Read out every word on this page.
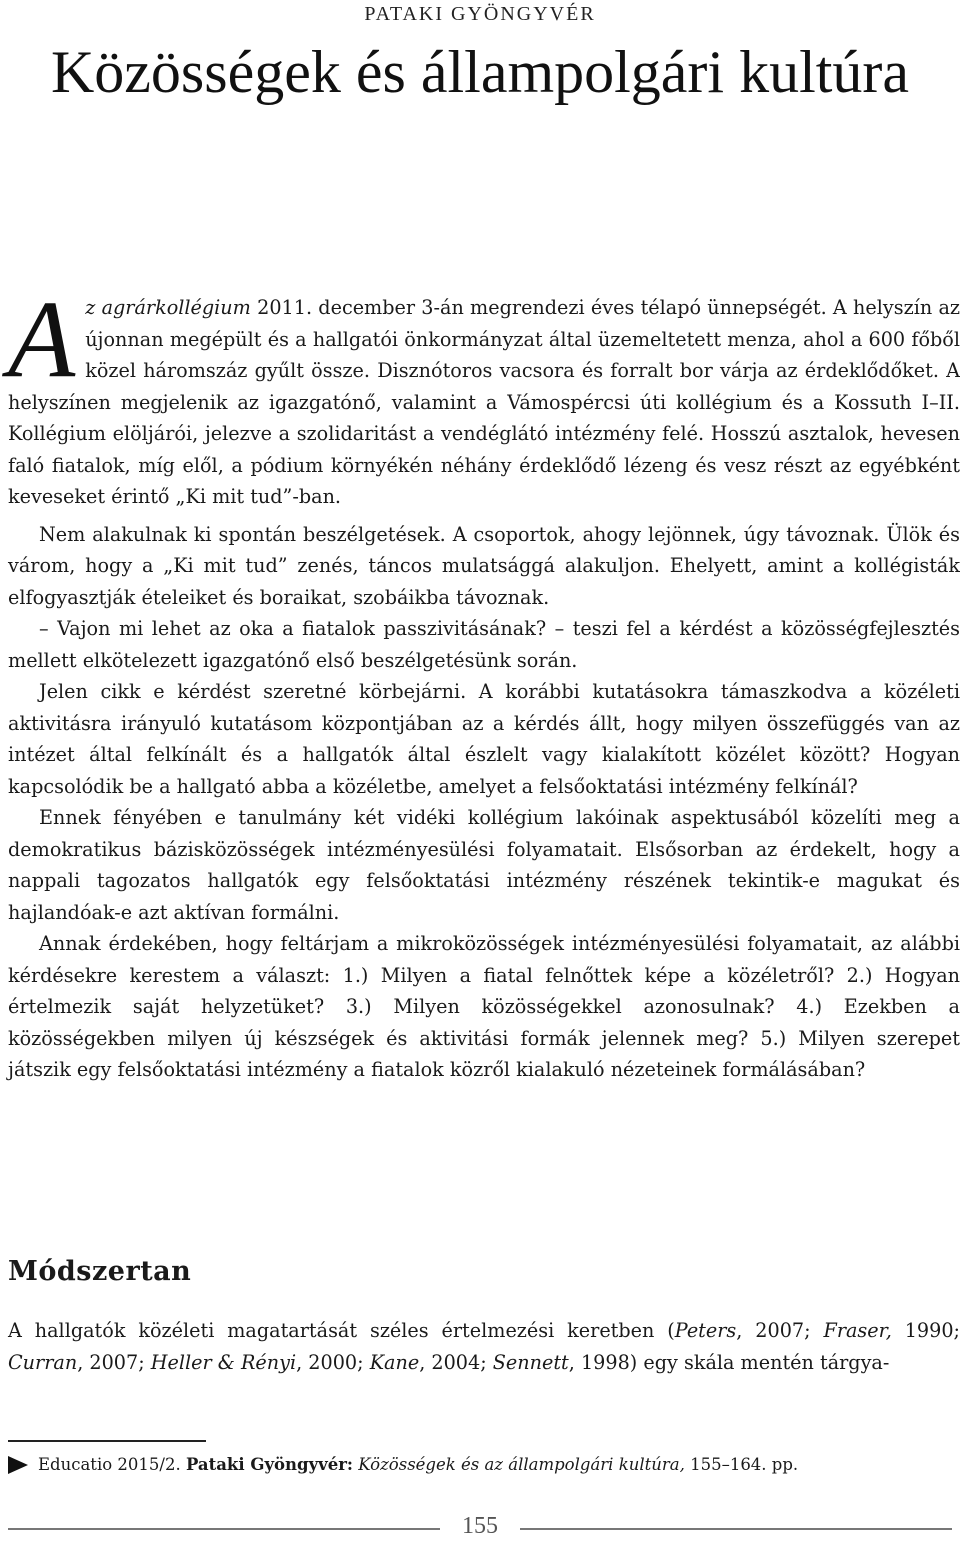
PATAKI GYÖNGYVÉR
Közösségek és állampolgári kultúra

Az agrárkollégium 2011. december 3-án megrendezi éves télapó ünnepségét. A helyszín az újonnan megépült és a hallgatói önkormányzat által üzemeltetett menza, ahol a 600 főből közel háromszáz gyűlt össze. Disznótoros vacsora és forralt bor várja az érdeklődőket. A helyszínen megjelenik az igazgatónő, valamint a Vámospércsi úti kollégium és a Kossuth I–II. Kollégium elöljárói, jelezve a szolidaritást a vendéglátó intézmény felé. Hosszú asztalok, hevesen faló fiatalok, míg elől, a pódium környékén néhány érdeklődő lézeng és vesz részt az egyébként keveseket érintő „Ki mit tud”-ban.

Nem alakulnak ki spontán beszélgetések. A csoportok, ahogy lejönnek, úgy távoznak. Ülök és várom, hogy a „Ki mit tud” zenés, táncos mulatsággá alakuljon. Ehelyett, amint a kollégisták elfogyasztják ételeiket és boraikat, szobáikba távoznak.

– Vajon mi lehet az oka a fiatalok passzivitásának? – teszi fel a kérdést a közösségfejlesztés mellett elkötelezett igazgatónő első beszélgetésünk során.

Jelen cikk e kérdést szeretné körbejárni. A korábbi kutatásokra támaszkodva a közéleti aktivitásra irányuló kutatásom központjában az a kérdés állt, hogy milyen összefüggés van az intézet által felkínált és a hallgatók által észlelt vagy kialakított közélet között? Hogyan kapcsolódik be a hallgató abba a közéletbe, amelyet a felsőoktatási intézmény felkínál?

Ennek fényében e tanulmány két vidéki kollégium lakóinak aspektusából közelíti meg a demokratikus bázisközösségek intézményesülési folyamatait. Elsősorban az érdekelt, hogy a nappali tagozatos hallgatók egy felsőoktatási intézmény részének tekintik-e magukat és hajlandóak-e azt aktívan formálni.

Annak érdekében, hogy feltárjam a mikroközösségek intézményesülési folyamatait, az alábbi kérdésekre kerestem a választ: 1.) Milyen a fiatal felnőttek képe a közéletről? 2.) Hogyan értelmezik saját helyzetüket? 3.) Milyen közösségekkel azonosulnak? 4.) Ezekben a közösségekben milyen új készségek és aktivitási formák jelennek meg? 5.) Milyen szerepet játszik egy felsőoktatási intézmény a fiatalok közről kialakuló nézeteinek formálásában?

Módszertan

A hallgatók közéleti magatartását széles értelmezési keretben (Peters, 2007; Fraser, 1990; Curran, 2007; Heller & Rényi, 2000; Kane, 2004; Sennett, 1998) egy skála mentén tárgya-

Educatio 2015/2. Pataki Gyöngyvér: Közösségek és az állampolgári kultúra, 155–164. pp.
155
